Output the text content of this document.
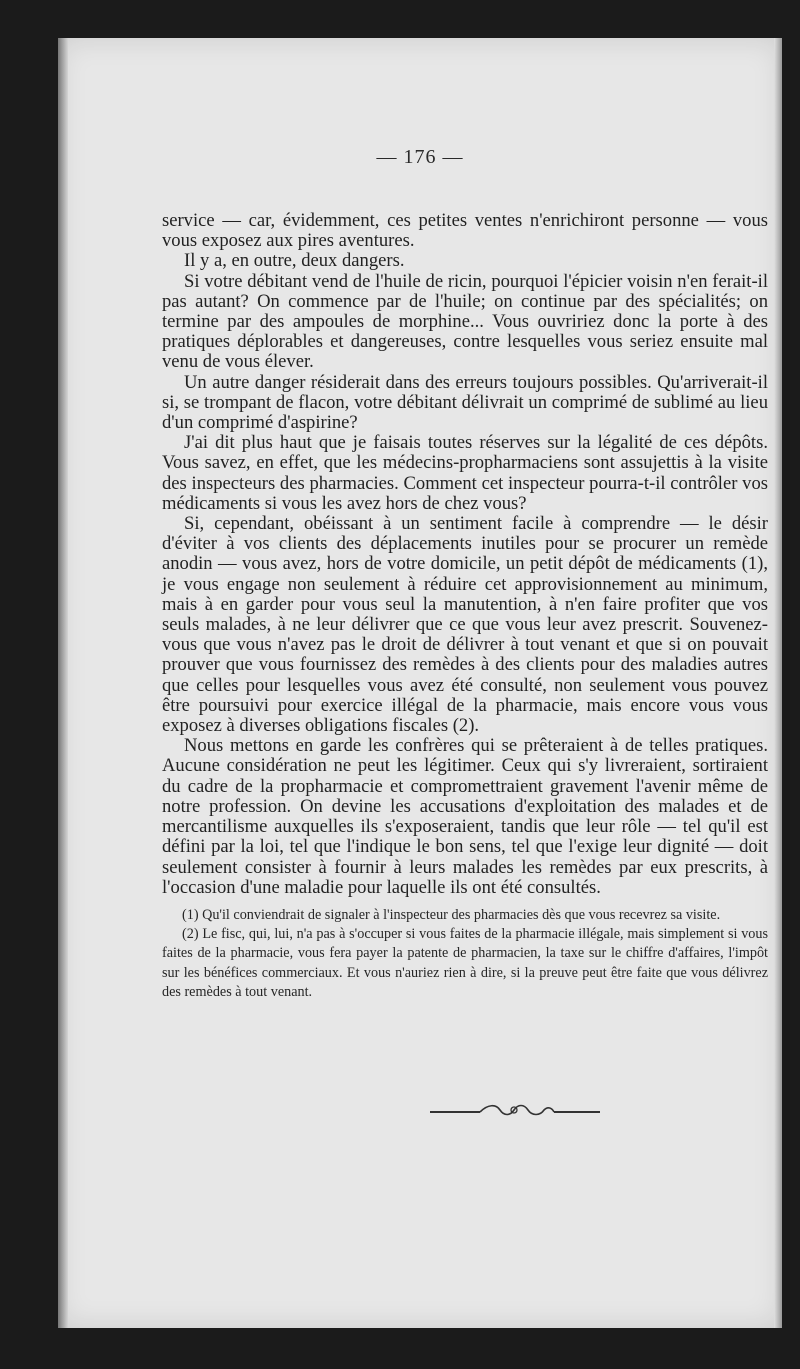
— 176 —

service — car, évidemment, ces petites ventes n'enrichiront personne — vous vous exposez aux pires aventures.

Il y a, en outre, deux dangers.

Si votre débitant vend de l'huile de ricin, pourquoi l'épicier voisin n'en ferait-il pas autant? On commence par de l'huile; on continue par des spécialités; on termine par des ampoules de morphine... Vous ouvririez donc la porte à des pratiques déplorables et dangereuses, contre lesquelles vous seriez ensuite mal venu de vous élever.

Un autre danger résiderait dans des erreurs toujours possibles. Qu'arriverait-il si, se trompant de flacon, votre débitant délivrait un comprimé de sublimé au lieu d'un comprimé d'aspirine?

J'ai dit plus haut que je faisais toutes réserves sur la légalité de ces dépôts. Vous savez, en effet, que les médecins-propharmaciens sont assujettis à la visite des inspecteurs des pharmacies. Comment cet inspecteur pourra-t-il contrôler vos médicaments si vous les avez hors de chez vous?

Si, cependant, obéissant à un sentiment facile à comprendre — le désir d'éviter à vos clients des déplacements inutiles pour se procurer un remède anodin — vous avez, hors de votre domicile, un petit dépôt de médicaments (1), je vous engage non seulement à réduire cet approvisionnement au minimum, mais à en garder pour vous seul la manutention, à n'en faire profiter que vos seuls malades, à ne leur délivrer que ce que vous leur avez prescrit. Souvenez-vous que vous n'avez pas le droit de délivrer à tout venant et que si on pouvait prouver que vous fournissez des remèdes à des clients pour des maladies autres que celles pour lesquelles vous avez été consulté, non seulement vous pouvez être poursuivi pour exercice illégal de la pharmacie, mais encore vous vous exposez à diverses obligations fiscales (2).

Nous mettons en garde les confrères qui se prêteraient à de telles pratiques. Aucune considération ne peut les légitimer. Ceux qui s'y livreraient, sortiraient du cadre de la propharmacie et compromettraient gravement l'avenir même de notre profession. On devine les accusations d'exploitation des malades et de mercantilisme auxquelles ils s'exposeraient, tandis que leur rôle — tel qu'il est défini par la loi, tel que l'indique le bon sens, tel que l'exige leur dignité — doit seulement consister à fournir à leurs malades les remèdes par eux prescrits, à l'occasion d'une maladie pour laquelle ils ont été consultés.

(1) Qu'il conviendrait de signaler à l'inspecteur des pharmacies dès que vous recevrez sa visite.

(2) Le fisc, qui, lui, n'a pas à s'occuper si vous faites de la pharmacie illégale, mais simplement si vous faites de la pharmacie, vous fera payer la patente de pharmacien, la taxe sur le chiffre d'affaires, l'impôt sur les bénéfices commerciaux. Et vous n'auriez rien à dire, si la preuve peut être faite que vous délivrez des remèdes à tout venant.
